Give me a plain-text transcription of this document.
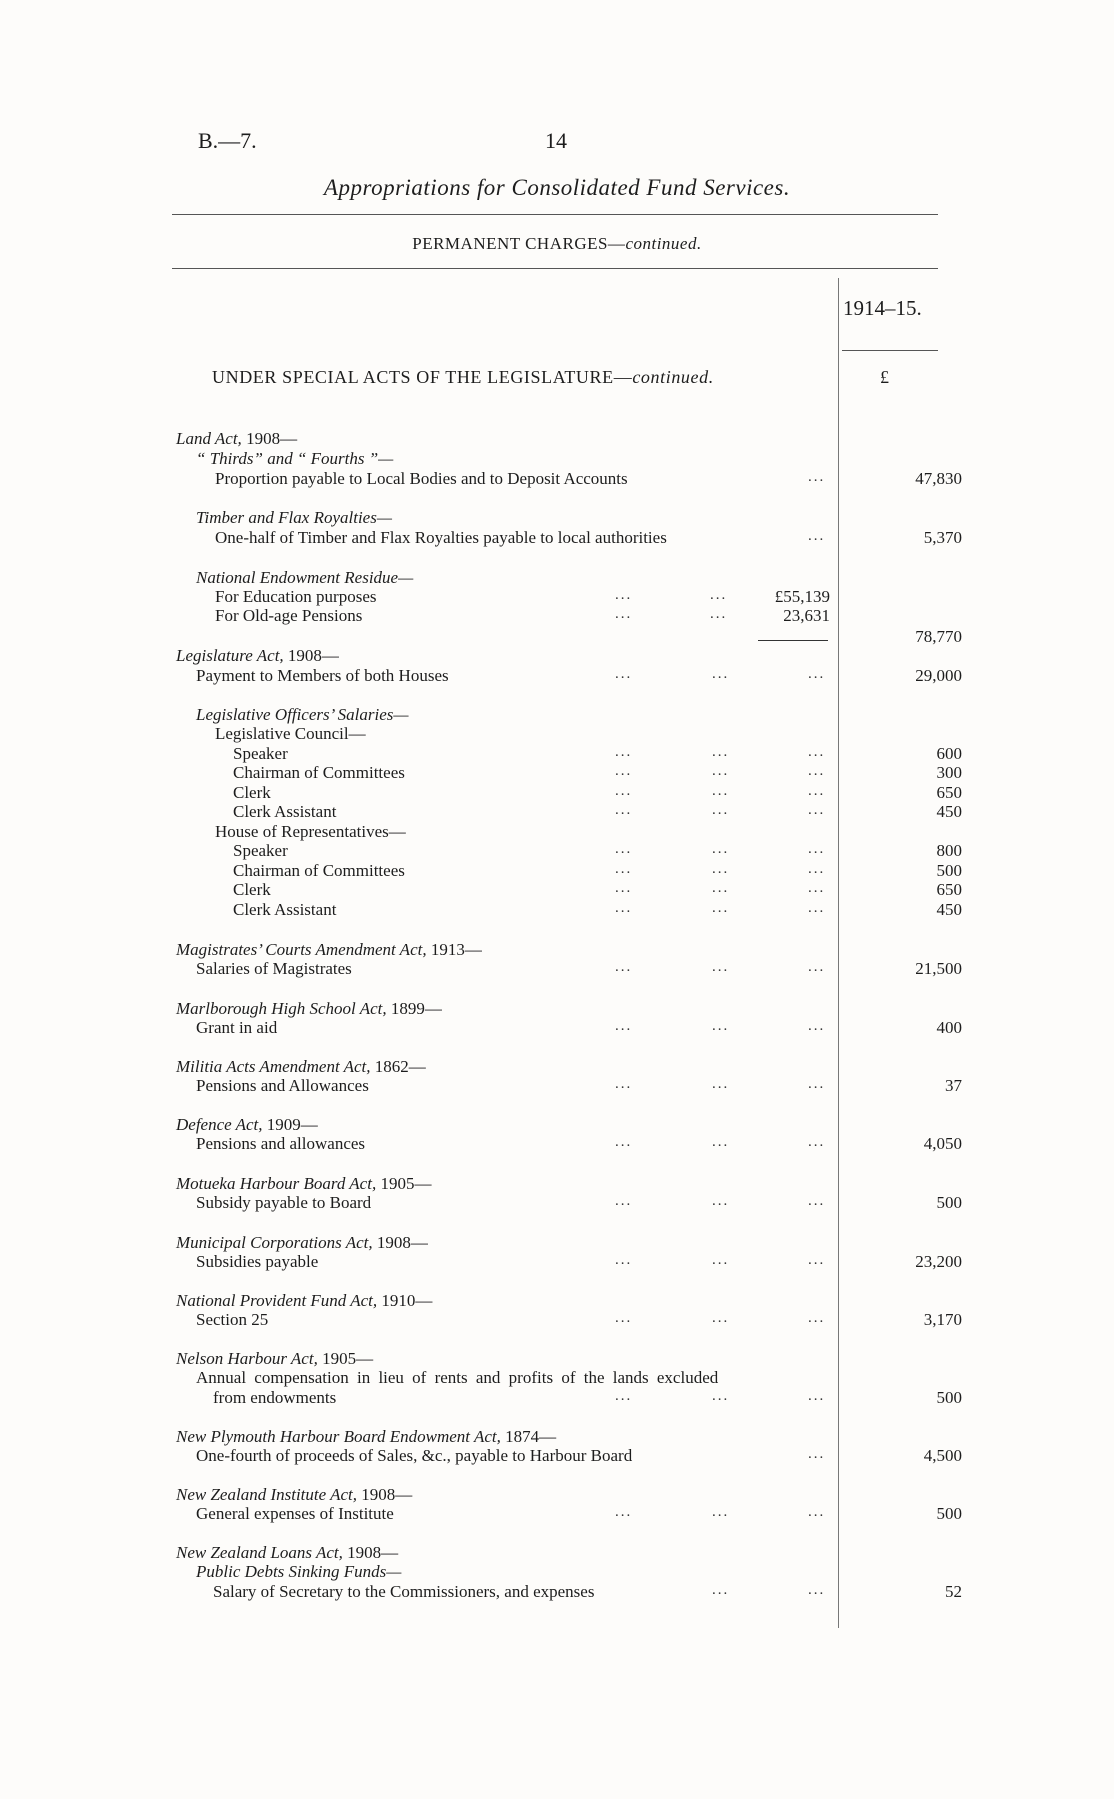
B.—7.	14
Appropriations for Consolidated Fund Services.
PERMANENT CHARGES—continued.
1914–15.
UNDER SPECIAL ACTS OF THE LEGISLATURE—continued.	£
Land Act, 1908—
“ Thirds” and “ Fourths ”—
Proportion payable to Local Bodies and to Deposit Accounts	...	47,830
Timber and Flax Royalties—
One-half of Timber and Flax Royalties payable to local authorities	...	5,370
National Endowment Residue—
For Education purposes	...	...	£55,139
For Old-age Pensions	...	...	23,631
78,770
Legislature Act, 1908—
Payment to Members of both Houses	...	...	...	29,000
Legislative Officers’ Salaries—
Legislative Council—
Speaker	...	...	...	600
Chairman of Committees	...	...	...	300
Clerk	...	...	...	650
Clerk Assistant	...	...	...	450
House of Representatives—
Speaker	...	...	...	800
Chairman of Committees	...	...	...	500
Clerk	...	...	...	650
Clerk Assistant	...	...	...	450
Magistrates’ Courts Amendment Act, 1913—
Salaries of Magistrates	...	...	...	21,500
Marlborough High School Act, 1899—
Grant in aid	...	...	...	400
Militia Acts Amendment Act, 1862—
Pensions and Allowances	...	...	...	37
Defence Act, 1909—
Pensions and allowances	...	...	...	4,050
Motueka Harbour Board Act, 1905—
Subsidy payable to Board	...	...	...	500
Municipal Corporations Act, 1908—
Subsidies payable	...	...	...	23,200
National Provident Fund Act, 1910—
Section 25	...	...	...	3,170
Nelson Harbour Act, 1905—
Annual compensation in lieu of rents and profits of the lands excluded
from endowments	...	...	...	500
New Plymouth Harbour Board Endowment Act, 1874—
One-fourth of proceeds of Sales, &c., payable to Harbour Board	...	4,500
New Zealand Institute Act, 1908—
General expenses of Institute	...	...	...	500
New Zealand Loans Act, 1908—
Public Debts Sinking Funds—
Salary of Secretary to the Commissioners, and expenses	...	...	52
